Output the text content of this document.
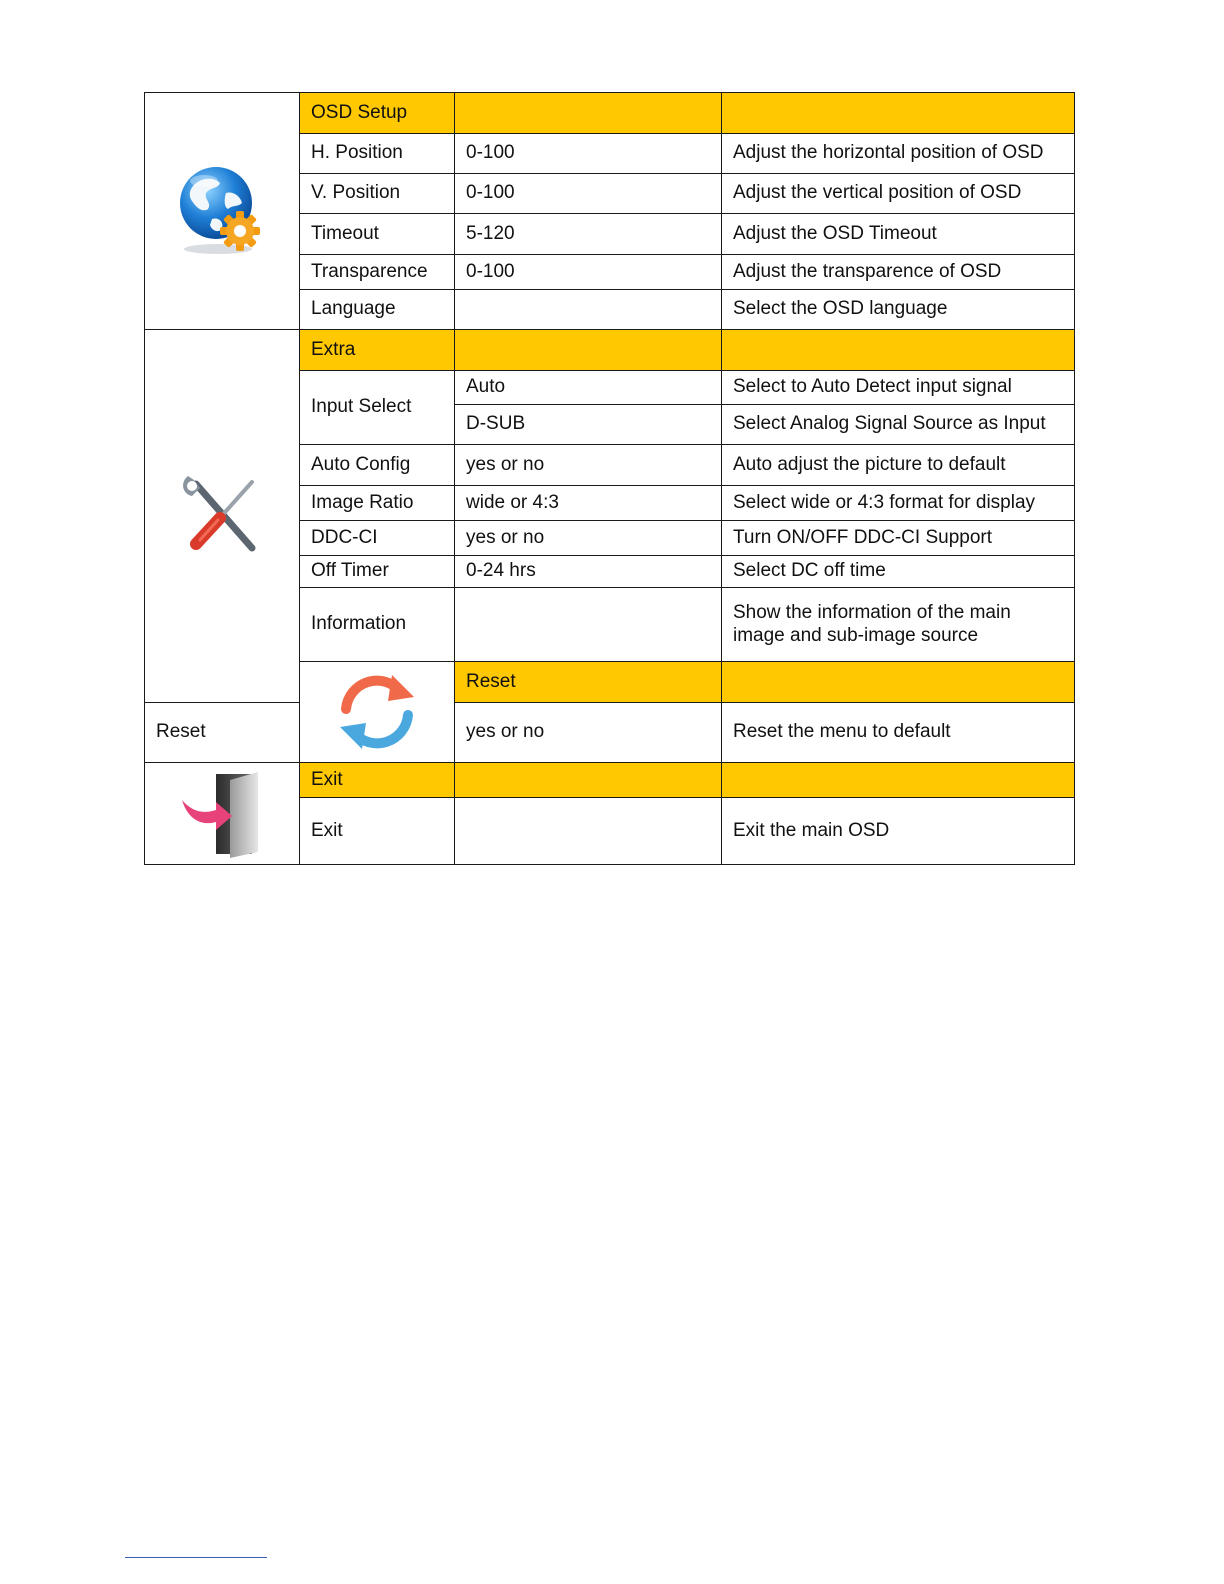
	OSD Setup			
	H. Position	0-100	Adjust the horizontal position of OSD	
	V. Position	0-100	Adjust the vertical position of OSD	
	Timeout	5-120	Adjust the OSD Timeout	
	Transparence	0-100	Adjust the transparence of OSD	
	Language		Select the OSD language	

	Extra			
	Input Select	Auto	Select to Auto Detect input signal	
		D-SUB	Select Analog Signal Source as Input	
	Auto Config	yes or no	Auto adjust the picture to default	
	Image Ratio	wide or 4:3	Select wide or 4:3 format for display	
	DDC-CI	yes or no	Turn ON/OFF DDC-CI Support	
	Off Timer	0-24 hrs	Select DC off time	
	Information		Show the information of the main
image and sub-image source	

	Reset		
Reset		yes or no	Reset the menu to default	

	Exit			
	Exit		Exit the main OSD	
